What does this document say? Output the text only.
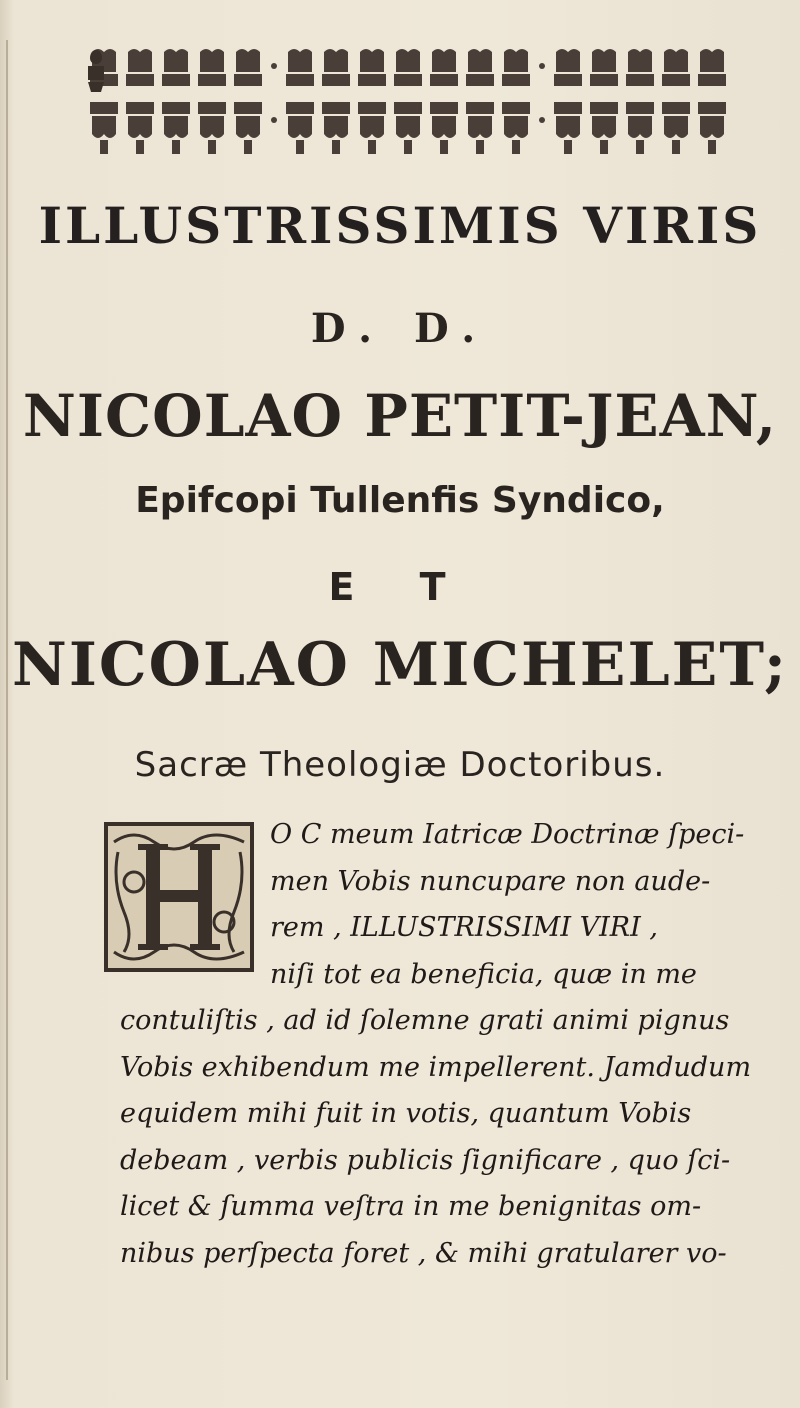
ILLUSTRISSIMIS VIRIS
D. D.
NICOLAO PETIT-JEAN,
Epifcopi Tullenfis Syndico,
E T
NICOLAO MICHELET;
Sacræ Theologiæ Doctoribus.
O C meum Iatricæ Doctrinæ ſpeci-
men Vobis nuncupare non aude-
rem , ILLUSTRISSIMI VIRI ,
niſi tot ea beneficia, quæ in me
contuliſtis , ad id ſolemne grati animi pignus
Vobis exhibendum me impellerent. Jamdudum
equidem mihi fuit in votis, quantum Vobis
debeam , verbis publicis ſignificare , quo ſci-
licet & ſumma veſtra in me benignitas om-
nibus perſpecta foret , & mihi gratularer vo-
